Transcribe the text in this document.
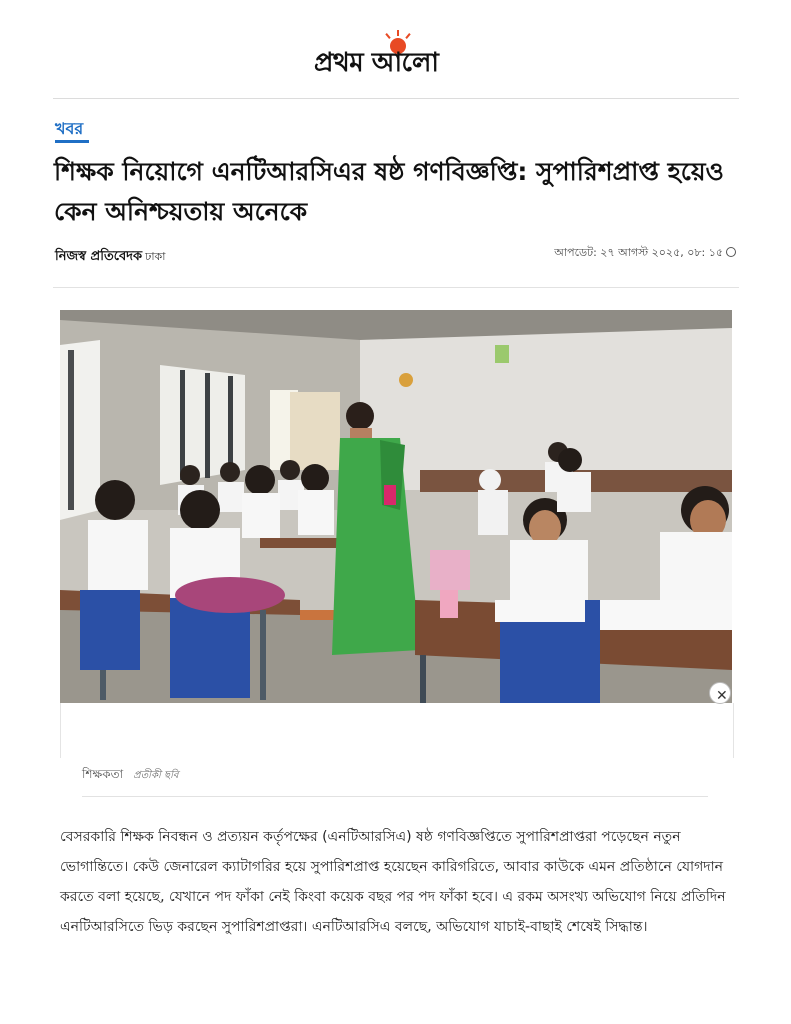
প্রথম আলো
খবর
শিক্ষক নিয়োগে এনটিআরসিএর ষষ্ঠ গণবিজ্ঞপ্তি: সুপারিশপ্রাপ্ত হয়েও কেন অনিশ্চয়তায় অনেকে
নিজস্ব প্রতিবেদক ঢাকা	আপডেট: ২৭ আগস্ট ২০২৫, ০৮: ১৫
✕
শিক্ষকতা প্রতীকী ছবি

বেসরকারি শিক্ষক নিবন্ধন ও প্রত্যয়ন কর্তৃপক্ষের (এনটিআরসিএ) ষষ্ঠ গণবিজ্ঞপ্তিতে সুপারিশপ্রাপ্তরা পড়েছেন নতুন ভোগান্তিতে। কেউ জেনারেল ক্যাটাগরির হয়ে সুপারিশপ্রাপ্ত হয়েছেন কারিগরিতে, আবার কাউকে এমন প্রতিষ্ঠানে যোগদান করতে বলা হয়েছে, যেখানে পদ ফাঁকা নেই কিংবা কয়েক বছর পর পদ ফাঁকা হবে। এ রকম অসংখ্য অভিযোগ নিয়ে প্রতিদিন এনটিআরসিতে ভিড় করছেন সুপারিশপ্রাপ্তরা। এনটিআরসিএ বলছে, অভিযোগ যাচাই-বাছাই শেষেই সিদ্ধান্ত।
